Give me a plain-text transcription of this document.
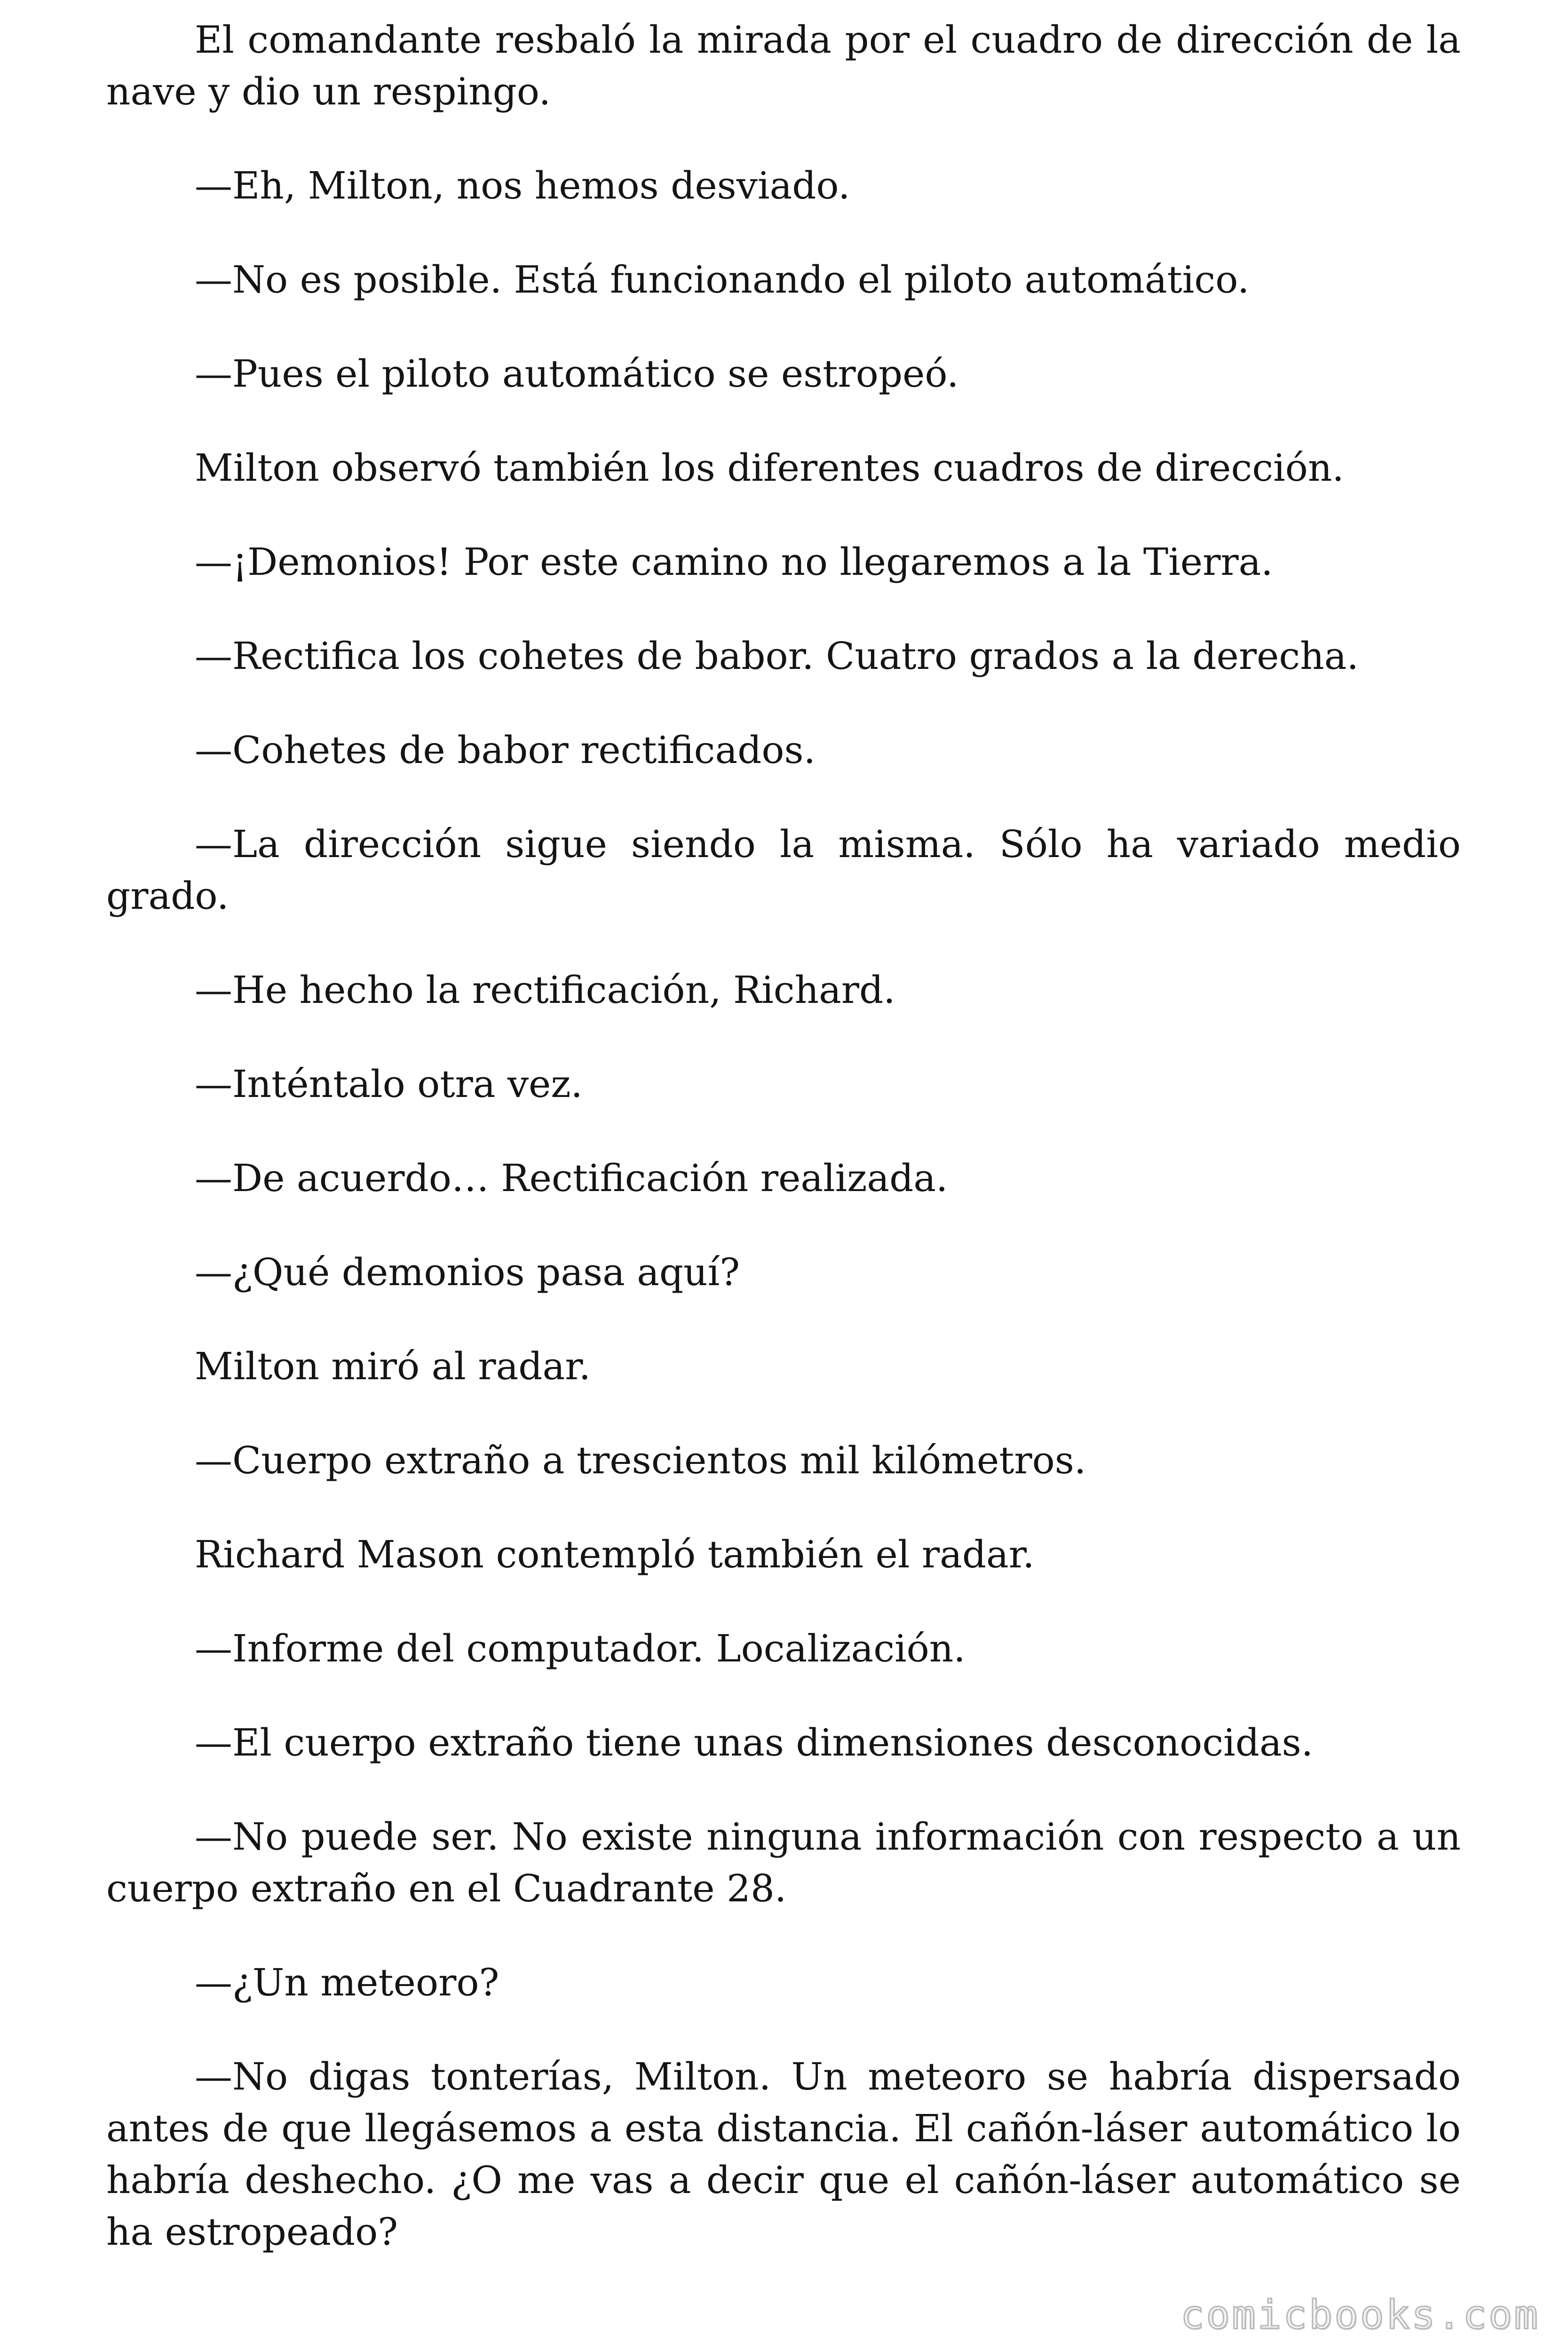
El comandante resbaló la mirada por el cuadro de dirección de la nave y dio un respingo.

—Eh, Milton, nos hemos desviado.

—No es posible. Está funcionando el piloto automático.

—Pues el piloto automático se estropeó.

Milton observó también los diferentes cuadros de dirección.

—¡Demonios! Por este camino no llegaremos a la Tierra.

—Rectifica los cohetes de babor. Cuatro grados a la derecha.

—Cohetes de babor rectificados.

—La dirección sigue siendo la misma. Sólo ha variado medio grado.

—He hecho la rectificación, Richard.

—Inténtalo otra vez.

—De acuerdo… Rectificación realizada.

—¿Qué demonios pasa aquí?

Milton miró al radar.

—Cuerpo extraño a trescientos mil kilómetros.

Richard Mason contempló también el radar.

—Informe del computador. Localización.

—El cuerpo extraño tiene unas dimensiones desconocidas.

—No puede ser. No existe ninguna información con respecto a un cuerpo extraño en el Cuadrante 28.

—¿Un meteoro?

—No digas tonterías, Milton. Un meteoro se habría dispersado antes de que llegásemos a esta distancia. El cañón-láser automático lo habría deshecho. ¿O me vas a decir que el cañón-láser automático se ha estropeado?

comicbooks.com
